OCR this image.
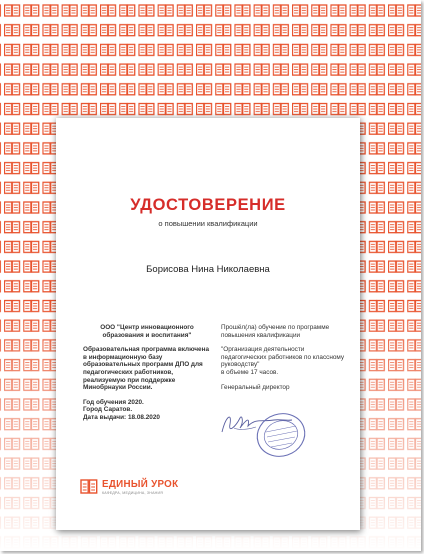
УДОСТОВЕРЕНИЕ
о повышении квалификации
Борисова Нина Николаевна

ООО "Центр инновационного образования и воспитания"

Образовательная программа включена в информационную базу образовательных программ ДПО для педагогических работников, реализуемую при поддержке Минобрнауки России.

Год обучения 2020.

Город Саратов.

Дата выдачи: 18.08.2020

Прошёл(ла) обучение по программе повышения квалификации

"Организация деятельности педагогических работников по классному руководству"

в объеме 17 часов.

Генеральный директор

ЕДИНЫЙ УРОК
КАФЕДРА, МЕДИЦИНА, ЗНАНИЯ
